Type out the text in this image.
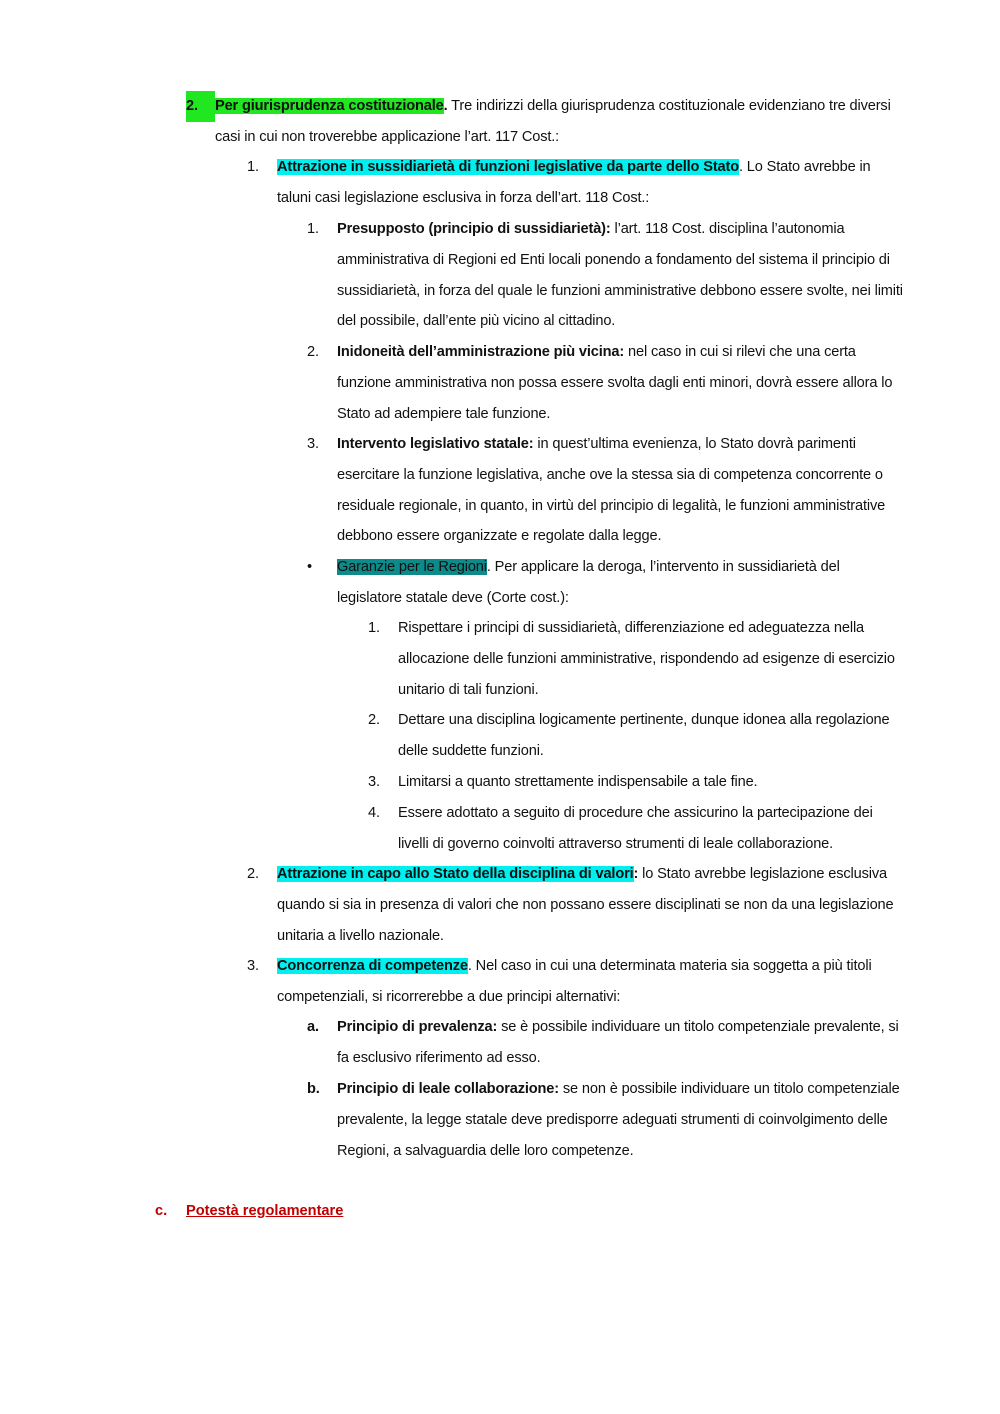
2.	Per giurisprudenza costituzionale. Tre indirizzi della giurisprudenza costituzionale evidenziano tre diversi casi in cui non troverebbe applicazione l’art. 117 Cost.:
1. Attrazione in sussidiarietà di funzioni legislative da parte dello Stato. Lo Stato avrebbe in taluni casi legislazione esclusiva in forza dell’art. 118 Cost.:
1. Presupposto (principio di sussidiarietà): l’art. 118 Cost. disciplina l’autonomia amministrativa di Regioni ed Enti locali ponendo a fondamento del sistema il principio di sussidiarietà, in forza del quale le funzioni amministrative debbono essere svolte, nei limiti del possibile, dall’ente più vicino al cittadino.
2. Inidoneità dell’amministrazione più vicina: nel caso in cui si rilevi che una certa funzione amministrativa non possa essere svolta dagli enti minori, dovrà essere allora lo Stato ad adempiere tale funzione.
3. Intervento legislativo statale: in quest’ultima evenienza, lo Stato dovrà parimenti esercitare la funzione legislativa, anche ove la stessa sia di competenza concorrente o residuale regionale, in quanto, in virtù del principio di legalità, le funzioni amministrative debbono essere organizzate e regolate dalla legge.
• Garanzie per le Regioni. Per applicare la deroga, l’intervento in sussidiarietà del legislatore statale deve (Corte cost.):
1. Rispettare i principi di sussidiarietà, differenziazione ed adeguatezza nella allocazione delle funzioni amministrative, rispondendo ad esigenze di esercizio unitario di tali funzioni.
2. Dettare una disciplina logicamente pertinente, dunque idonea alla regolazione delle suddette funzioni.
3. Limitarsi a quanto strettamente indispensabile a tale fine.
4. Essere adottato a seguito di procedure che assicurino la partecipazione dei livelli di governo coinvolti attraverso strumenti di leale collaborazione.
2. Attrazione in capo allo Stato della disciplina di valori: lo Stato avrebbe legislazione esclusiva quando si sia in presenza di valori che non possano essere disciplinati se non da una legislazione unitaria a livello nazionale.
3. Concorrenza di competenze. Nel caso in cui una determinata materia sia soggetta a più titoli competenziali, si ricorrerebbe a due principi alternativi:
a. Principio di prevalenza: se è possibile individuare un titolo competenziale prevalente, si fa esclusivo riferimento ad esso.
b. Principio di leale collaborazione: se non è possibile individuare un titolo competenziale prevalente, la legge statale deve predisporre adeguati strumenti di coinvolgimento delle Regioni, a salvaguardia delle loro competenze.
c. Potestà regolamentare
